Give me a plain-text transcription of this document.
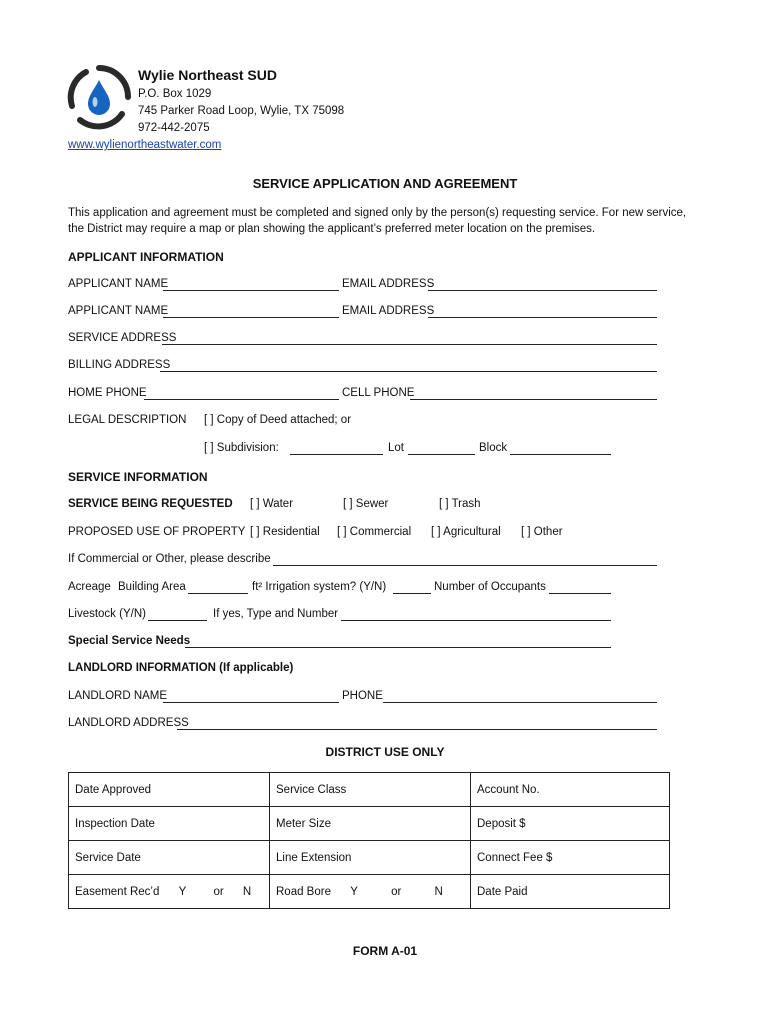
Wylie Northeast SUD
P.O. Box 1029
745 Parker Road Loop, Wylie, TX 75098
972-442-2075
www.wylienortheastwater.com
SERVICE APPLICATION AND AGREEMENT
This application and agreement must be completed and signed only by the person(s) requesting service. For new service,
the District may require a map or plan showing the applicant’s preferred meter location on the premises.
APPLICANT INFORMATION
APPLICANT NAME	EMAIL ADDRESS
APPLICANT NAME	EMAIL ADDRESS
SERVICE ADDRESS
BILLING ADDRESS
HOME PHONE	CELL PHONE
LEGAL DESCRIPTION [ ] Copy of Deed attached; or
[ ] Subdivision:	Lot	Block
SERVICE INFORMATION
SERVICE BEING REQUESTED [ ] Water	[ ] Sewer	[ ] Trash
PROPOSED USE OF PROPERTY [ ] Residential [ ] Commercial [ ] Agricultural [ ] Other
If Commercial or Other, please describe
Acreage Building Area	ft² Irrigation system? (Y/N)	Number of Occupants
Livestock (Y/N)	If yes, Type and Number
Special Service Needs
LANDLORD INFORMATION (If applicable)
LANDLORD NAME	PHONE
LANDLORD ADDRESS
DISTRICT USE ONLY
Date Approved	Service Class	Account No.
Inspection Date	Meter Size	Deposit $
Service Date	Line Extension	Connect Fee $
Easement Rec’d Y or N	Road Bore Y or N	Date Paid
FORM A-01
